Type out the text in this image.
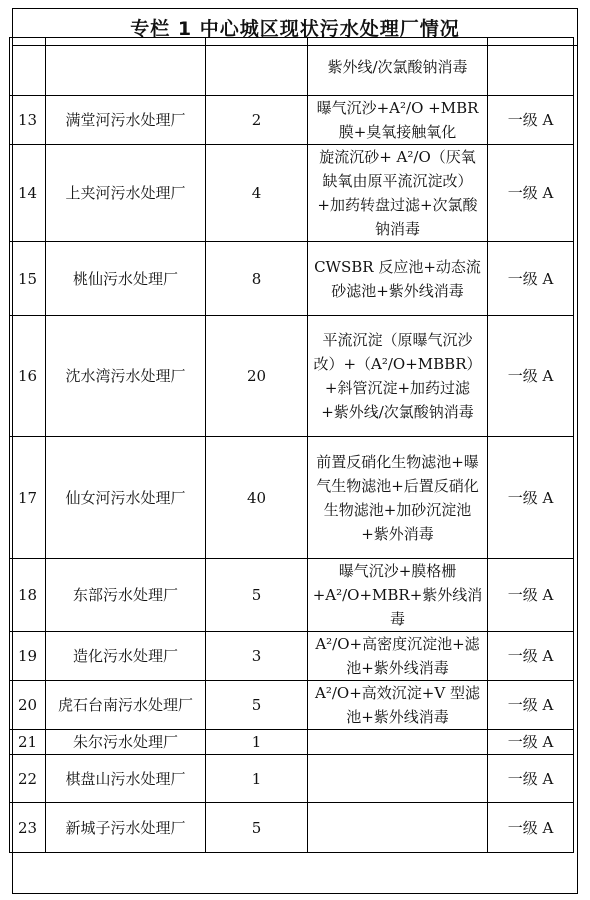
专栏 1 中心城区现状污水处理厂情况
			紫外线/次氯酸钠消毒	
13	满堂河污水处理厂	2	曝气沉沙+A²/O +MBR膜+臭氧接触氧化	一级 A
14	上夹河污水处理厂	4	旋流沉砂+ A²/O（厌氧缺氧由原平流沉淀改）+加药转盘过滤+次氯酸钠消毒	一级 A
15	桃仙污水处理厂	8	CWSBR 反应池+动态流砂滤池+紫外线消毒	一级 A
16	沈水湾污水处理厂	20	平流沉淀（原曝气沉沙改）+（A²/O+MBBR）+斜管沉淀+加药过滤+紫外线/次氯酸钠消毒	一级 A
17	仙女河污水处理厂	40	前置反硝化生物滤池+曝气生物滤池+后置反硝化生物滤池+加砂沉淀池+紫外消毒	一级 A
18	东部污水处理厂	5	曝气沉沙+膜格栅+A²/O+MBR+紫外线消毒	一级 A
19	造化污水处理厂	3	A²/O+高密度沉淀池+滤池+紫外线消毒	一级 A
20	虎石台南污水处理厂	5	A²/O+高效沉淀+V 型滤池+紫外线消毒	一级 A
21	朱尔污水处理厂	1		一级 A
22	棋盘山污水处理厂	1		一级 A
23	新城子污水处理厂	5		一级 A
